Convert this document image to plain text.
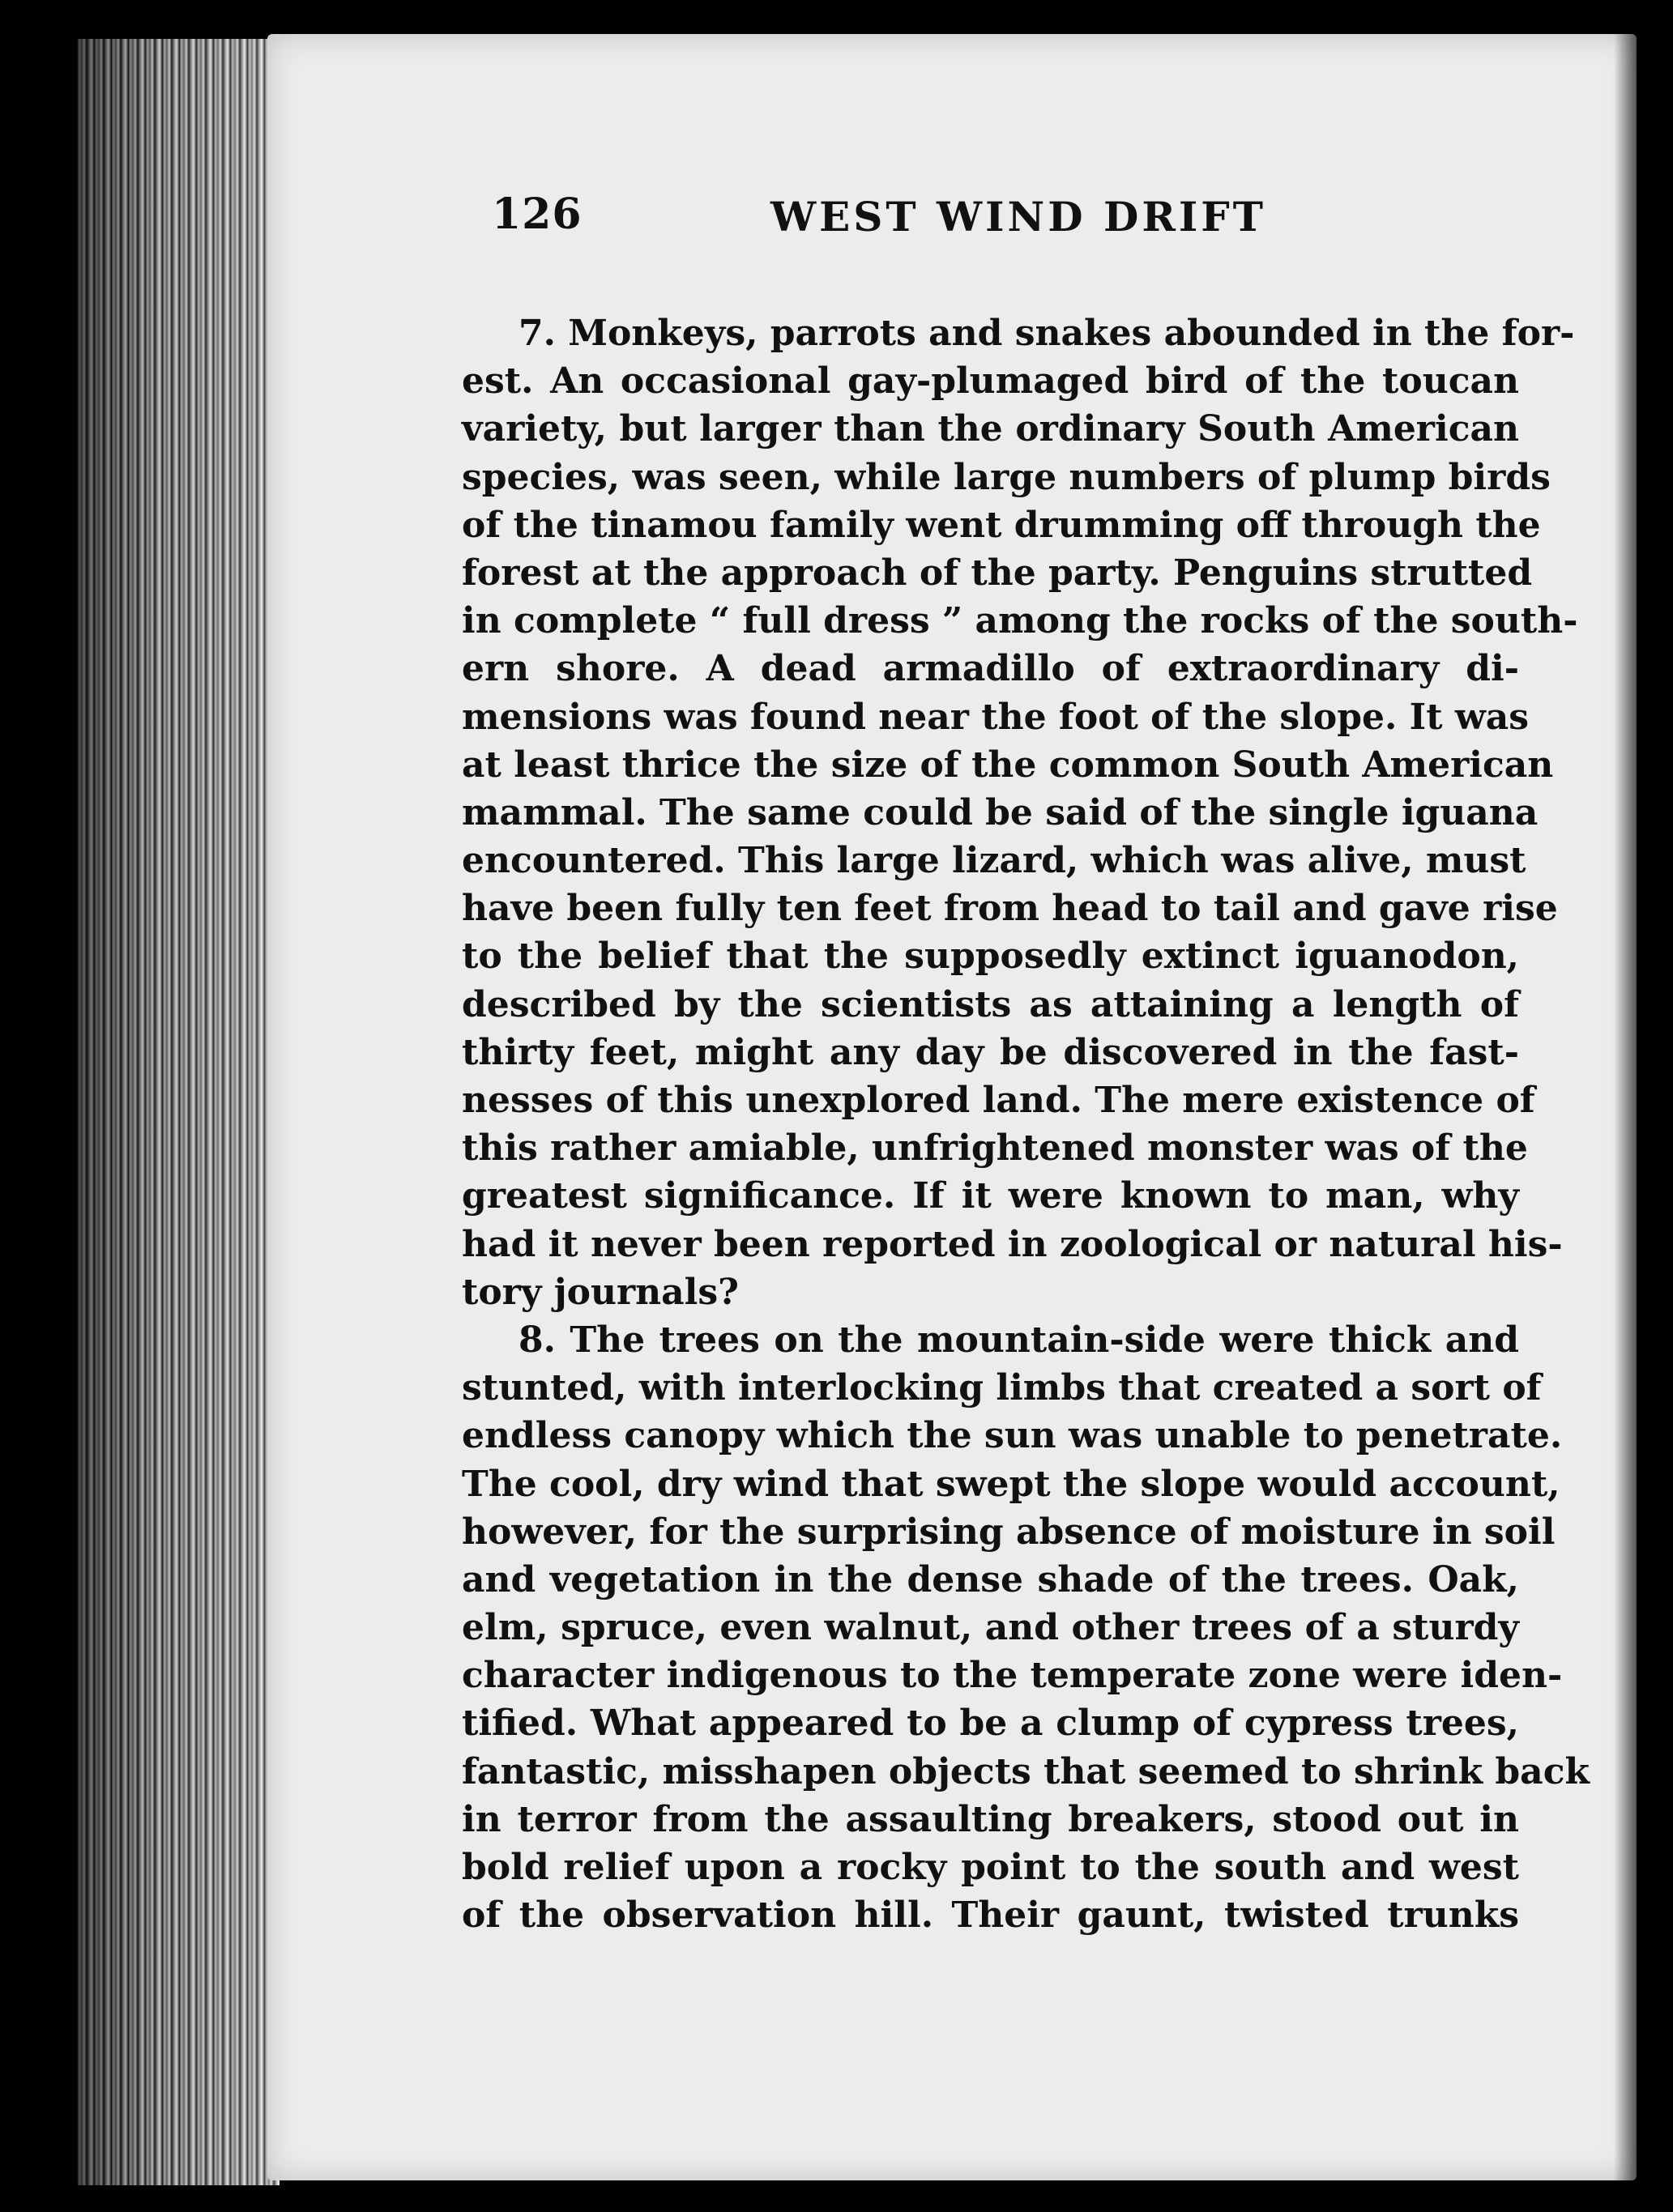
126	WEST WIND DRIFT
7. Monkeys, parrots and snakes abounded in the for-
est. An occasional gay-plumaged bird of the toucan
variety, but larger than the ordinary South American
species, was seen, while large numbers of plump birds
of the tinamou family went drumming off through the
forest at the approach of the party. Penguins strutted
in complete “ full dress ” among the rocks of the south-
ern shore. A dead armadillo of extraordinary di-
mensions was found near the foot of the slope. It was
at least thrice the size of the common South American
mammal. The same could be said of the single iguana
encountered. This large lizard, which was alive, must
have been fully ten feet from head to tail and gave rise
to the belief that the supposedly extinct iguanodon,
described by the scientists as attaining a length of
thirty feet, might any day be discovered in the fast-
nesses of this unexplored land. The mere existence of
this rather amiable, unfrightened monster was of the
greatest significance. If it were known to man, why
had it never been reported in zoological or natural his-
tory journals?
8. The trees on the mountain-side were thick and
stunted, with interlocking limbs that created a sort of
endless canopy which the sun was unable to penetrate.
The cool, dry wind that swept the slope would account,
however, for the surprising absence of moisture in soil
and vegetation in the dense shade of the trees. Oak,
elm, spruce, even walnut, and other trees of a sturdy
character indigenous to the temperate zone were iden-
tified. What appeared to be a clump of cypress trees,
fantastic, misshapen objects that seemed to shrink back
in terror from the assaulting breakers, stood out in
bold relief upon a rocky point to the south and west
of the observation hill. Their gaunt, twisted trunks
